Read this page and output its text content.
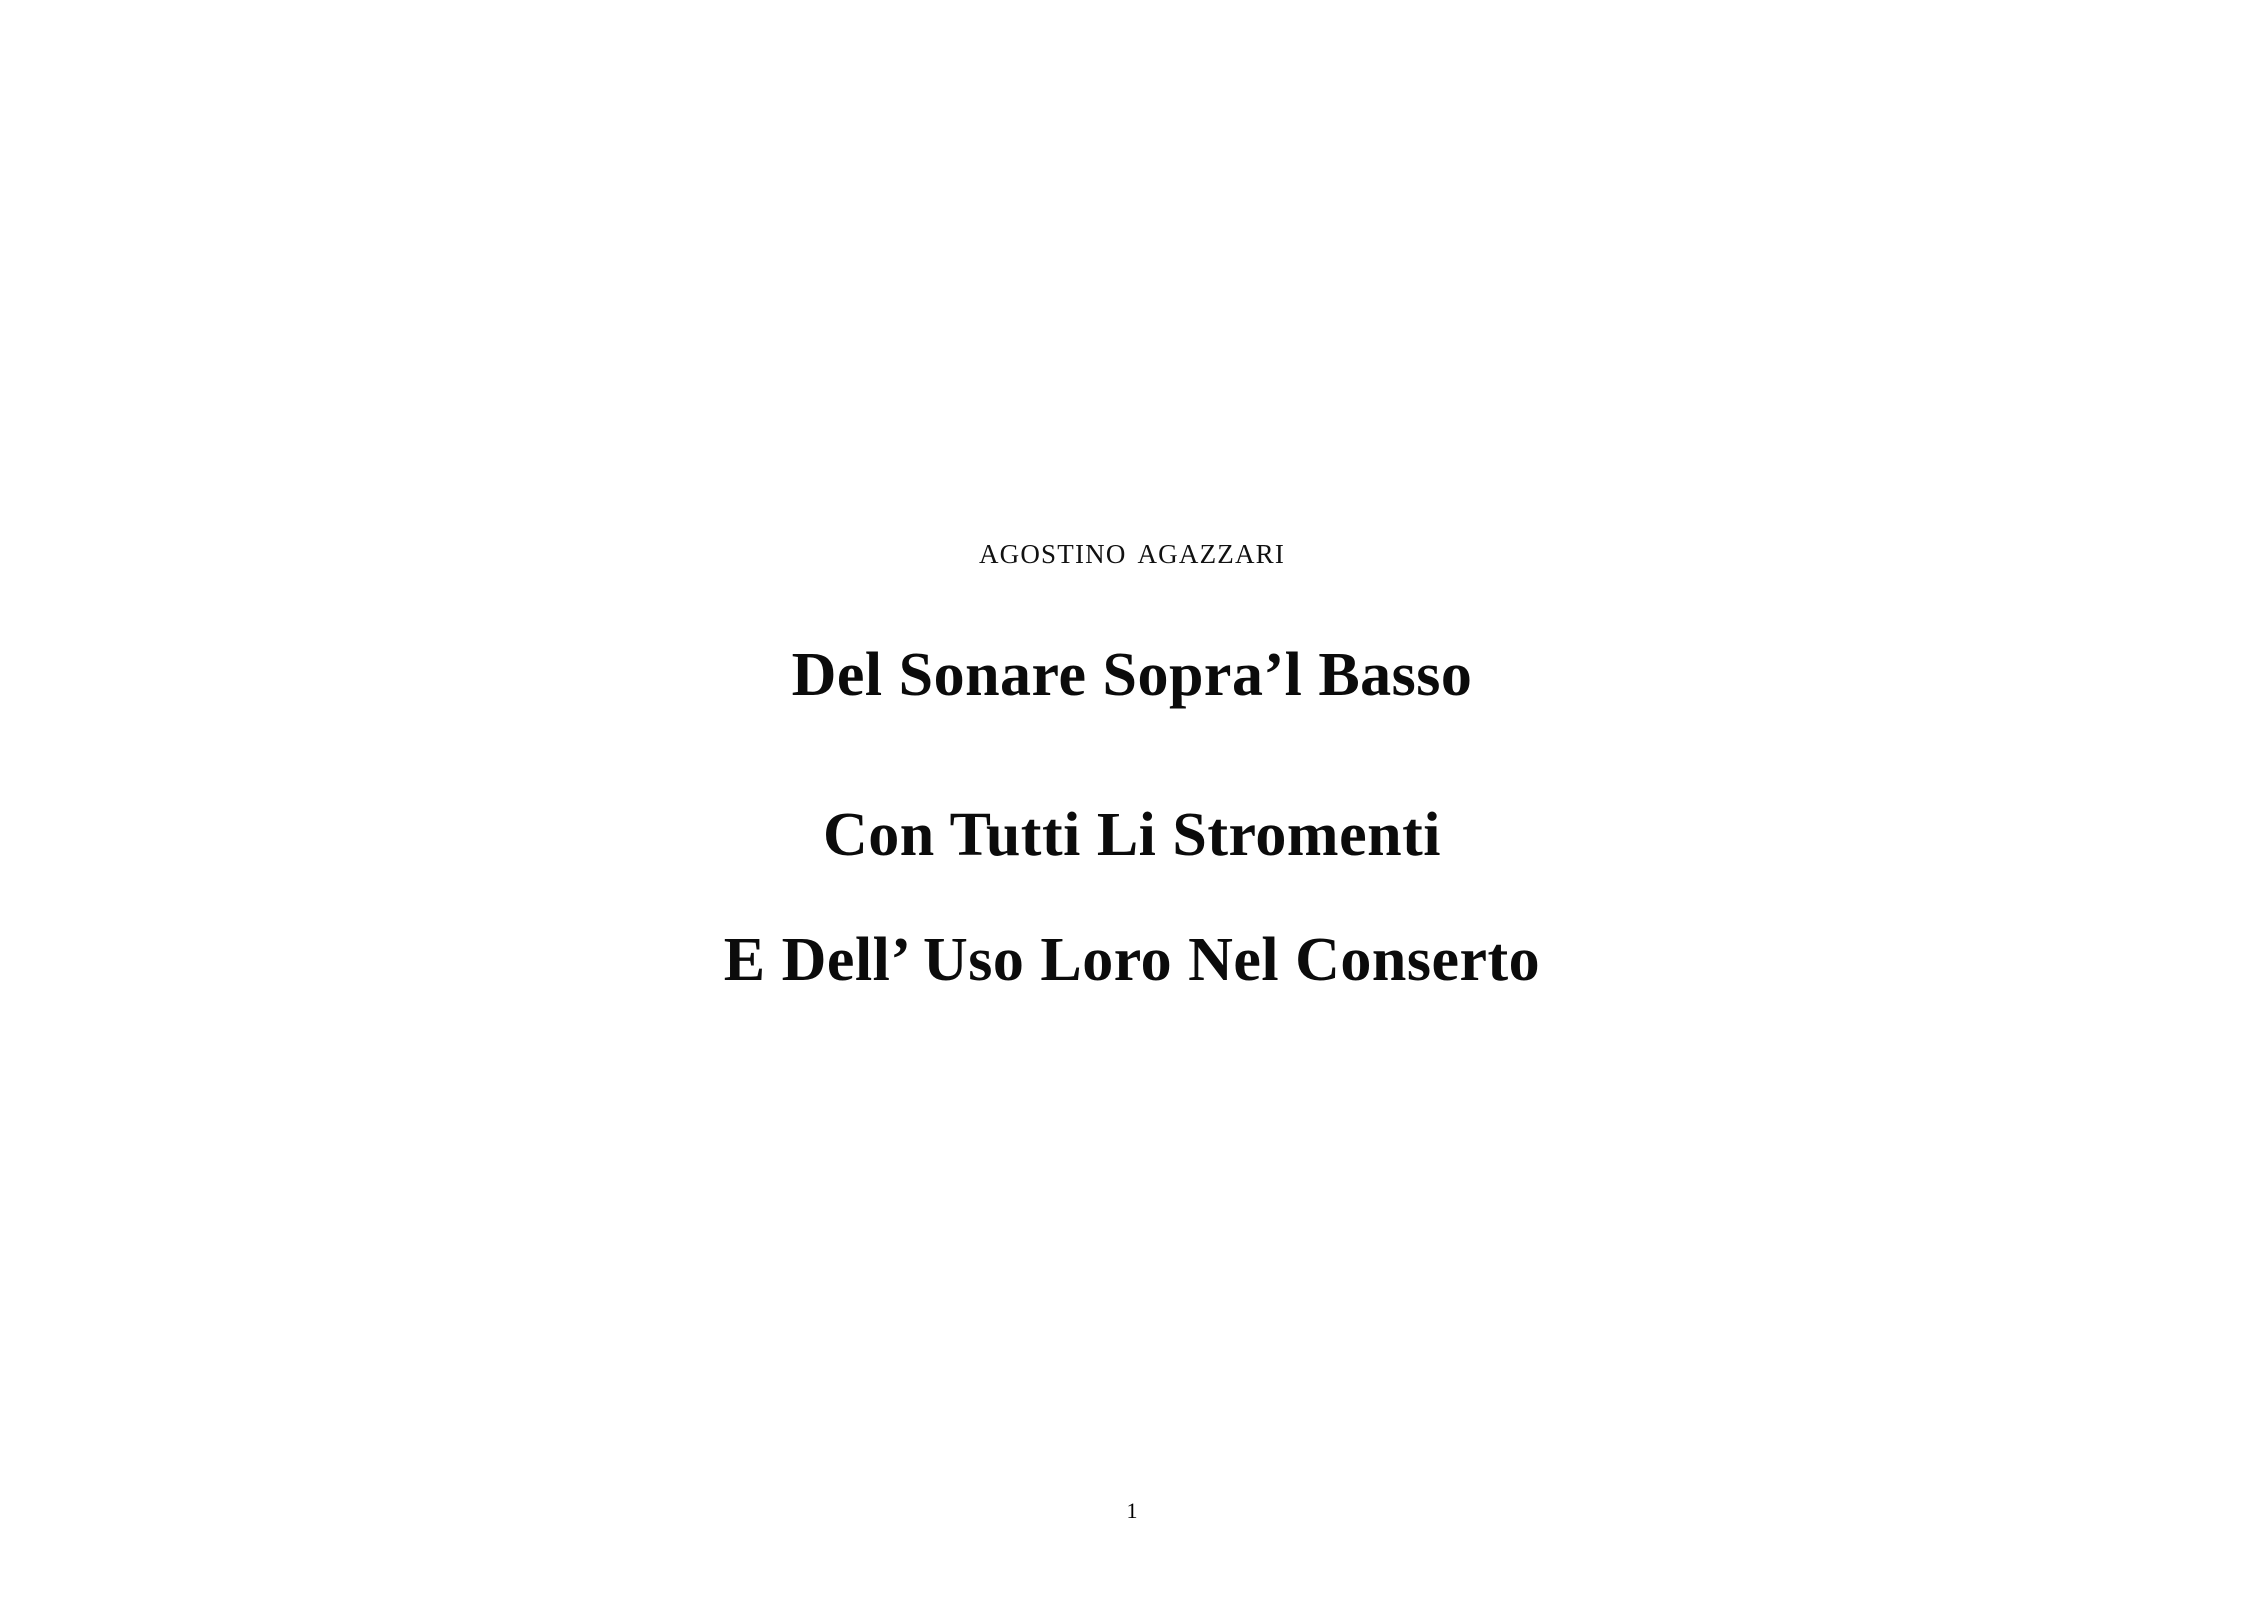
agostino agazzari
Del Sonare Sopra’l Basso
Con Tutti Li Stromenti
E Dell’ Uso Loro Nel Conserto
1
